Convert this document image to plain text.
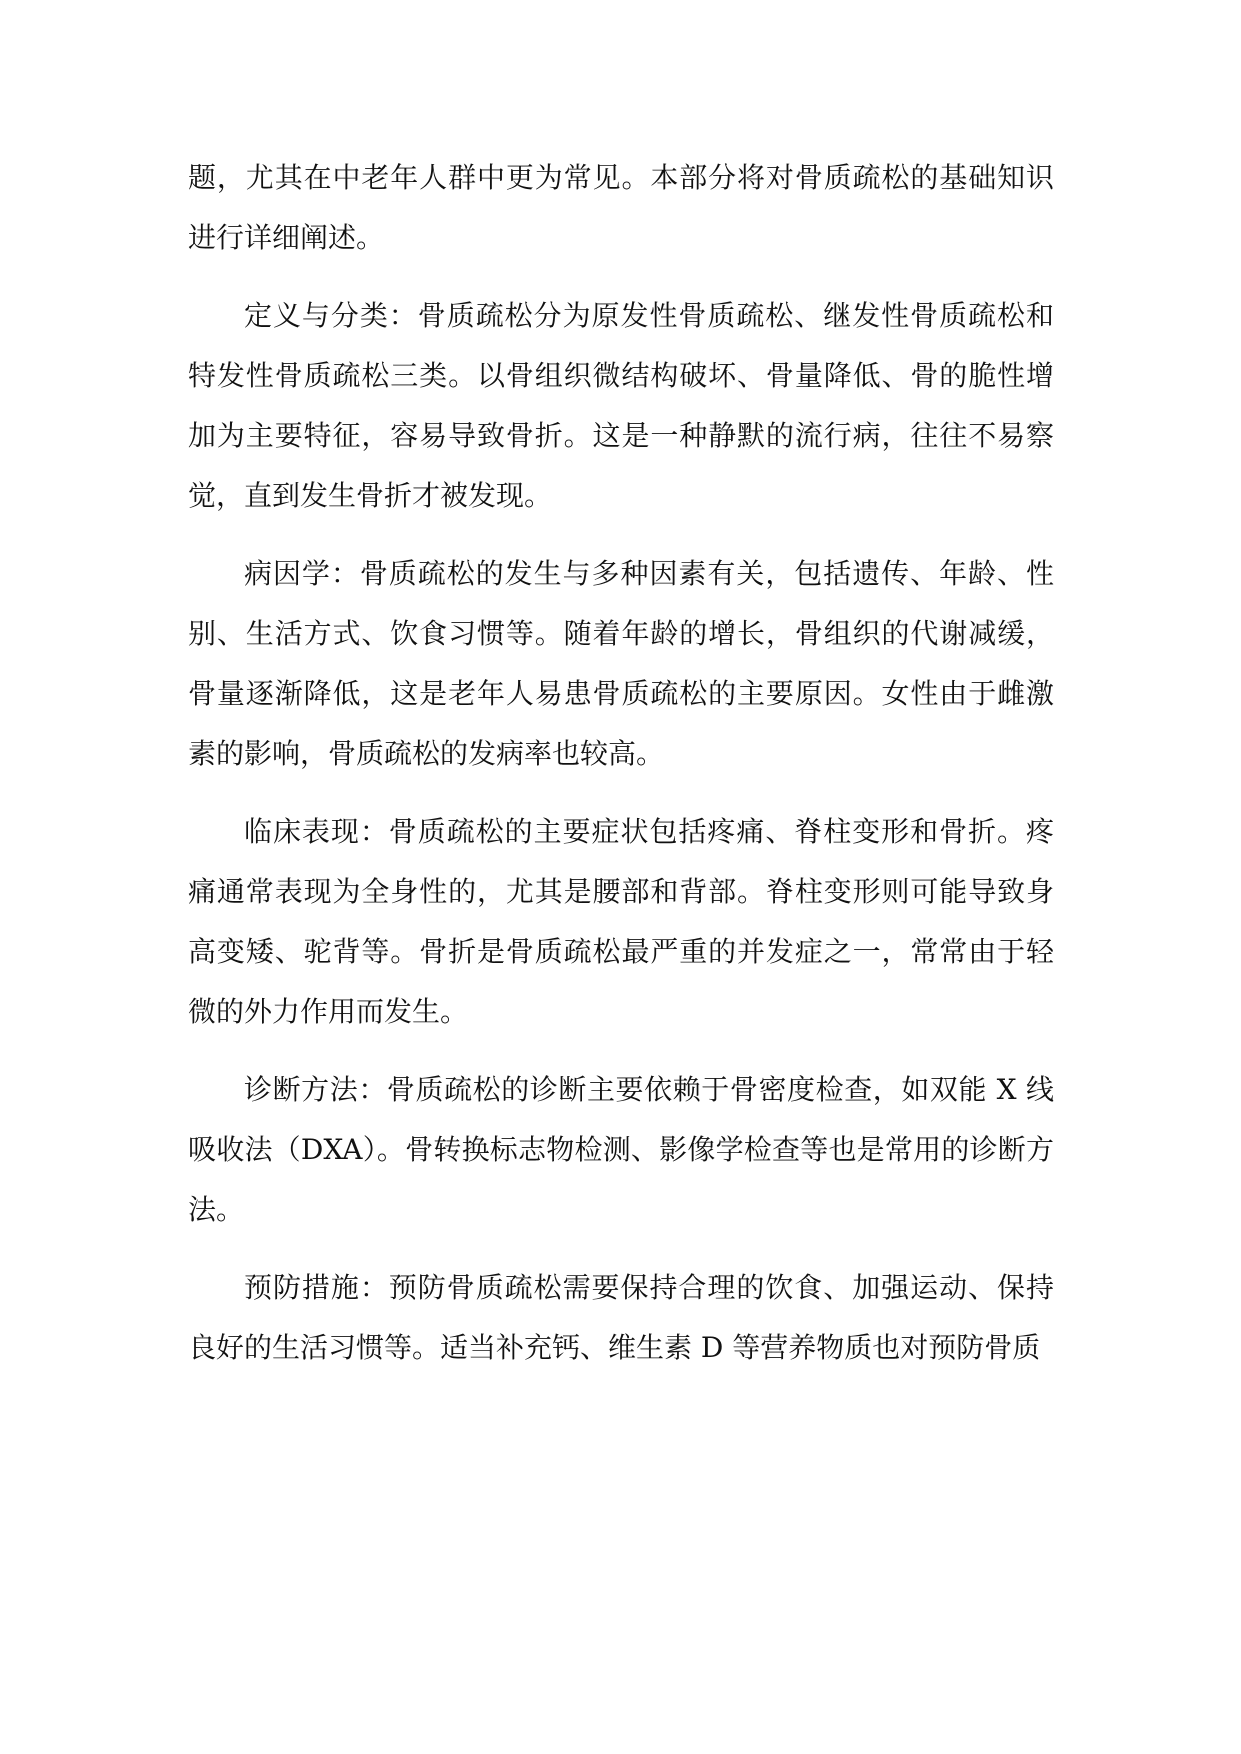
题，尤其在中老年人群中更为常见。本部分将对骨质疏松的基础知识进行详细阐述。

定义与分类：骨质疏松分为原发性骨质疏松、继发性骨质疏松和特发性骨质疏松三类。以骨组织微结构破坏、骨量降低、骨的脆性增加为主要特征，容易导致骨折。这是一种静默的流行病，往往不易察觉，直到发生骨折才被发现。

病因学：骨质疏松的发生与多种因素有关，包括遗传、年龄、性别、生活方式、饮食习惯等。随着年龄的增长，骨组织的代谢减缓，骨量逐渐降低，这是老年人易患骨质疏松的主要原因。女性由于雌激素的影响，骨质疏松的发病率也较高。

临床表现：骨质疏松的主要症状包括疼痛、脊柱变形和骨折。疼痛通常表现为全身性的，尤其是腰部和背部。脊柱变形则可能导致身高变矮、驼背等。骨折是骨质疏松最严重的并发症之一，常常由于轻微的外力作用而发生。

诊断方法：骨质疏松的诊断主要依赖于骨密度检查，如双能 X 线吸收法（DXA）。骨转换标志物检测、影像学检查等也是常用的诊断方法。

预防措施：预防骨质疏松需要保持合理的饮食、加强运动、保持良好的生活习惯等。适当补充钙、维生素 D 等营养物质也对预防骨质
